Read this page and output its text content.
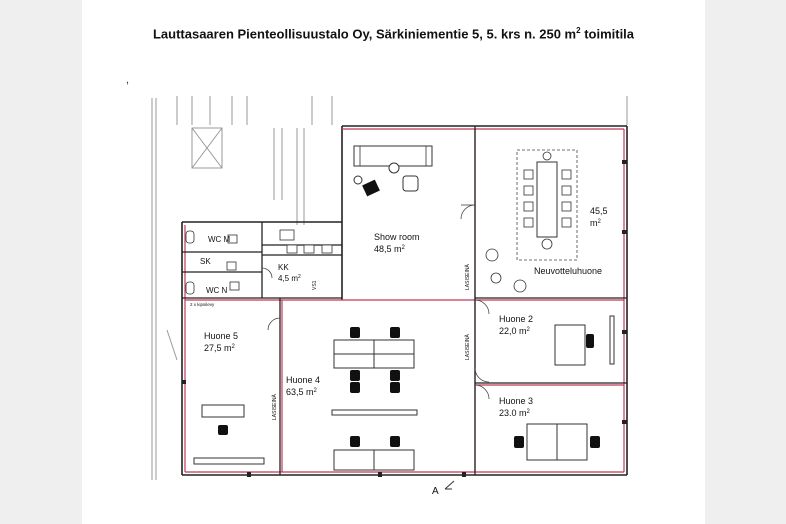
Lauttasaaren Pienteollisuustalo Oy, Särkiniementie 5, 5. krs n. 250 $m^2$ toimitila
,
Show room
48,5 $m^2$
45,5
$m^2$
Neuvotteluhuone
Huone 2
22,0 $m^2$
Huone 3
23.0 $m^2$
Huone 4
63,5 $m^2$
Huone 5
27,5 $m^2$
KK
4,5 $m^2$
WC M
SK
WC N
2 x kipsilevy
VS1	LASISEINÄ
LASISEINÄ
LASISEINÄ
A
